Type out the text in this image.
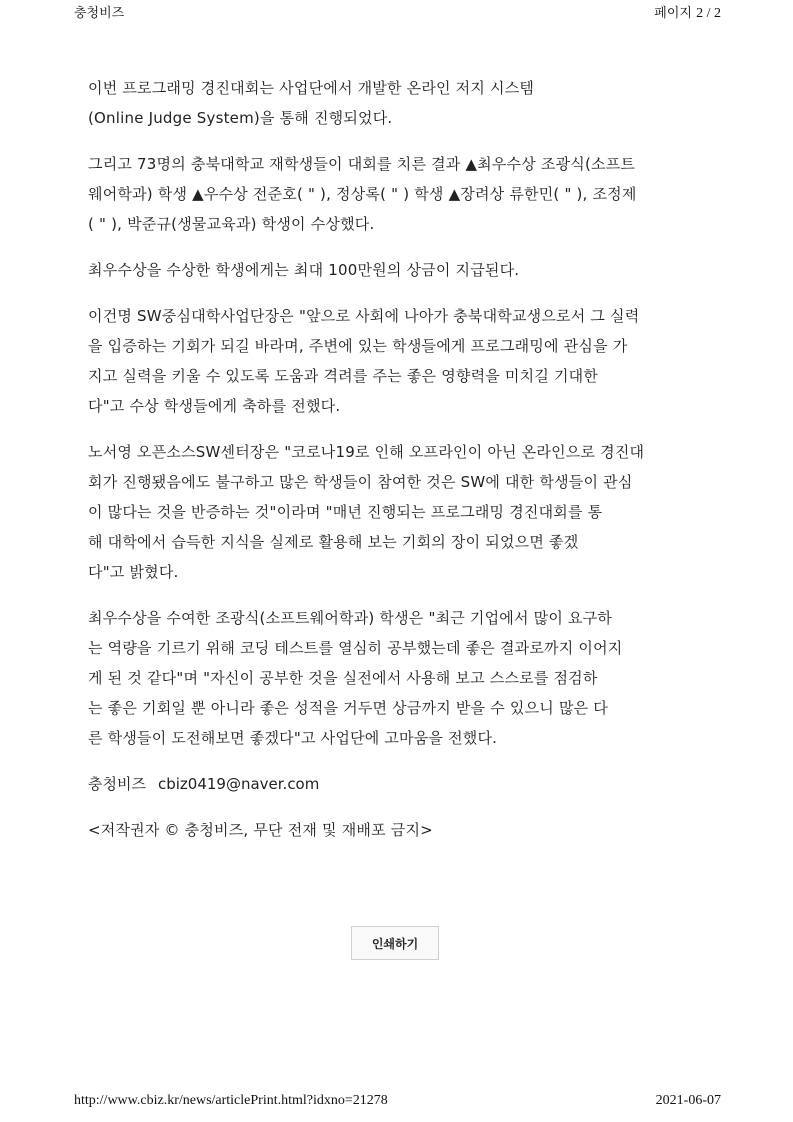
충청비즈	페이지 2 / 2

이번 프로그래밍 경진대회는 사업단에서 개발한 온라인 저지 시스템
(Online Judge System)을 통해 진행되었다.

그리고 73명의 충북대학교 재학생들이 대회를 치른 결과 ▲최우수상 조광식(소프트
웨어학과) 학생 ▲우수상 전준호( " ), 정상록( " ) 학생 ▲장려상 류한민( " ), 조정제
( " ), 박준규(생물교육과) 학생이 수상했다.

최우수상을 수상한 학생에게는 최대 100만원의 상금이 지급된다.

이건명 SW중심대학사업단장은 "앞으로 사회에 나아가 충북대학교생으로서 그 실력
을 입증하는 기회가 되길 바라며, 주변에 있는 학생들에게 프로그래밍에 관심을 가
지고 실력을 키울 수 있도록 도움과 격려를 주는 좋은 영향력을 미치길 기대한
다"고 수상 학생들에게 축하를 전했다.

노서영 오픈소스SW센터장은 "코로나19로 인해 오프라인이 아닌 온라인으로 경진대
회가 진행됐음에도 불구하고 많은 학생들이 참여한 것은 SW에 대한 학생들이 관심
이 많다는 것을 반증하는 것"이라며 "매년 진행되는 프로그래밍 경진대회를 통
해 대학에서 습득한 지식을 실제로 활용해 보는 기회의 장이 되었으면 좋겠
다"고 밝혔다.

최우수상을 수여한 조광식(소프트웨어학과) 학생은 "최근 기업에서 많이 요구하
는 역량을 기르기 위해 코딩 테스트를 열심히 공부했는데 좋은 결과로까지 이어지
게 된 것 같다"며 "자신이 공부한 것을 실전에서 사용해 보고 스스로를 점검하
는 좋은 기회일 뿐 아니라 좋은 성적을 거두면 상금까지 받을 수 있으니 많은 다
른 학생들이 도전해보면 좋겠다"고 사업단에 고마움을 전했다.

충청비즈 cbiz0419@naver.com

<저작권자 © 충청비즈, 무단 전재 및 재배포 금지>

인쇄하기
http://www.cbiz.kr/news/articlePrint.html?idxno=21278	2021-06-07
